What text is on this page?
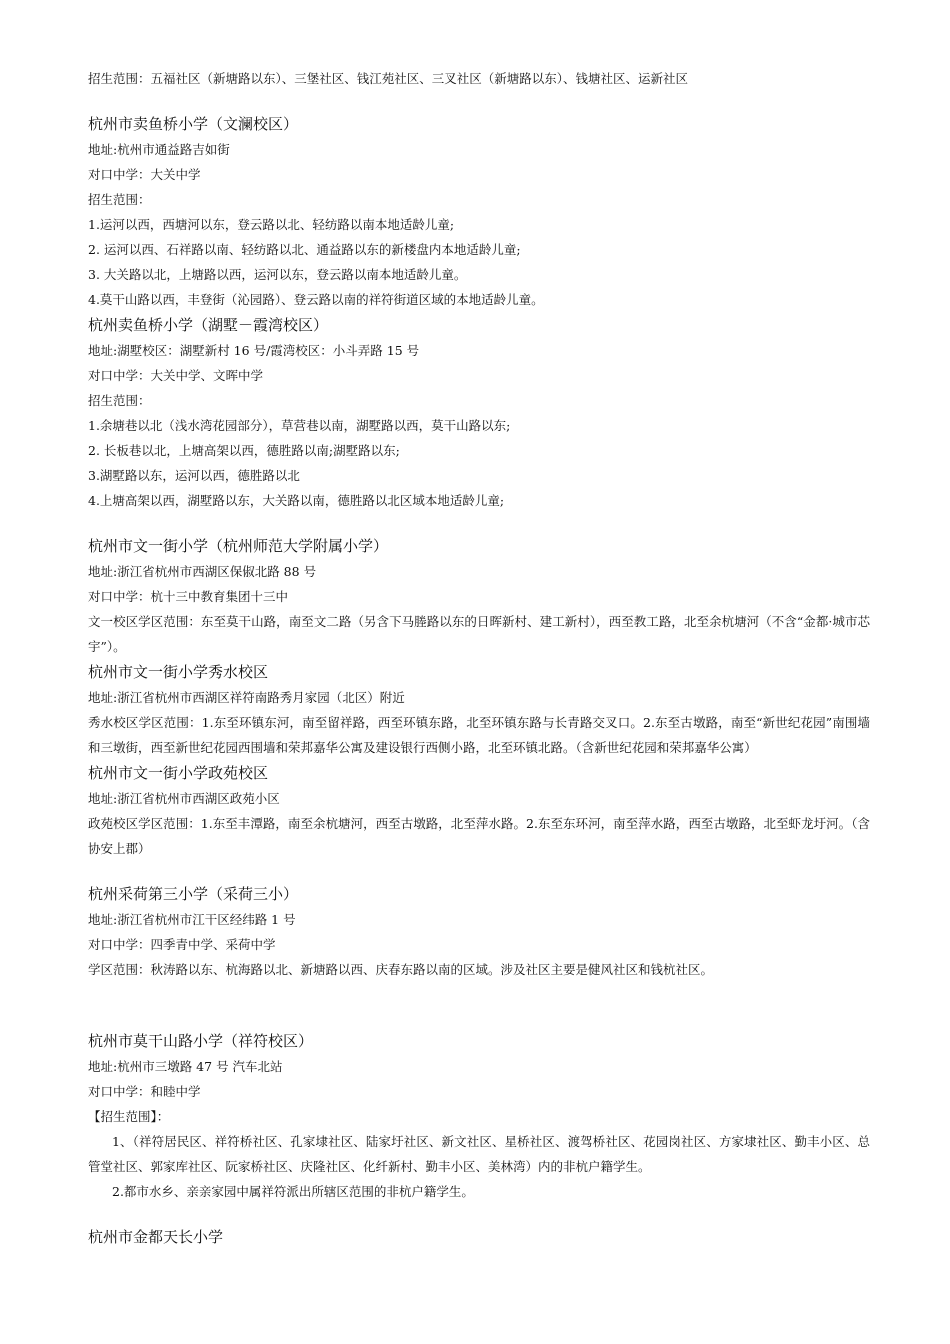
招生范围：五福社区（新塘路以东）、三堡社区、钱江苑社区、三叉社区（新塘路以东）、钱塘社区、运新社区
杭州市卖鱼桥小学（文澜校区）
地址:杭州市通益路吉如街
对口中学：大关中学
招生范围：
1.运河以西，西塘河以东，登云路以北、轻纺路以南本地适龄儿童;
2. 运河以西、石祥路以南、轻纺路以北、通益路以东的新楼盘内本地适龄儿童;
3. 大关路以北，上塘路以西，运河以东，登云路以南本地适龄儿童。
4.莫干山路以西，丰登街（沁园路）、登云路以南的祥符街道区域的本地适龄儿童。
杭州卖鱼桥小学（湖墅－霞湾校区）
地址:湖墅校区：湖墅新村 16 号/霞湾校区：小斗弄路 15 号
对口中学：大关中学、文晖中学
招生范围：
1.余塘巷以北（浅水湾花园部分），草营巷以南，湖墅路以西，莫干山路以东;
2. 长板巷以北，上塘高架以西，德胜路以南;湖墅路以东;
3.湖墅路以东，运河以西，德胜路以北
4.上塘高架以西，湖墅路以东，大关路以南，德胜路以北区域本地适龄儿童;
杭州市文一街小学（杭州师范大学附属小学）
地址:浙江省杭州市西湖区保俶北路 88 号
对口中学：杭十三中教育集团十三中
文一校区学区范围：东至莫干山路，南至文二路（另含下马塍路以东的日晖新村、建工新村），西至教工路，北至余杭塘河（不含“金都·城市芯宇”）。
杭州市文一街小学秀水校区
地址:浙江省杭州市西湖区祥符南路秀月家园（北区）附近
秀水校区学区范围：1.东至环镇东河，南至留祥路，西至环镇东路，北至环镇东路与长青路交叉口。2.东至古墩路，南至“新世纪花园”南围墙和三墩街，西至新世纪花园西围墙和荣邦嘉华公寓及建设银行西侧小路，北至环镇北路。（含新世纪花园和荣邦嘉华公寓）
杭州市文一街小学政苑校区
地址:浙江省杭州市西湖区政苑小区
政苑校区学区范围：1.东至丰潭路，南至余杭塘河，西至古墩路，北至萍水路。2.东至东环河，南至萍水路，西至古墩路，北至虾龙圩河。（含协安上郡）
杭州采荷第三小学（采荷三小）
地址:浙江省杭州市江干区经纬路 1 号
对口中学：四季青中学、采荷中学
学区范围：秋涛路以东、杭海路以北、新塘路以西、庆春东路以南的区域。涉及社区主要是健风社区和钱杭社区。
杭州市莫干山路小学（祥符校区）
地址:杭州市三墩路 47 号 汽车北站
对口中学：和睦中学
【招生范围】：
1、（祥符居民区、祥符桥社区、孔家埭社区、陆家圩社区、新文社区、星桥社区、渡驾桥社区、花园岗社区、方家埭社区、勤丰小区、总管堂社区、郭家库社区、阮家桥社区、庆隆社区、化纤新村、勤丰小区、美林湾）内的非杭户籍学生。
2.都市水乡、亲亲家园中属祥符派出所辖区范围的非杭户籍学生。
杭州市金都天长小学
